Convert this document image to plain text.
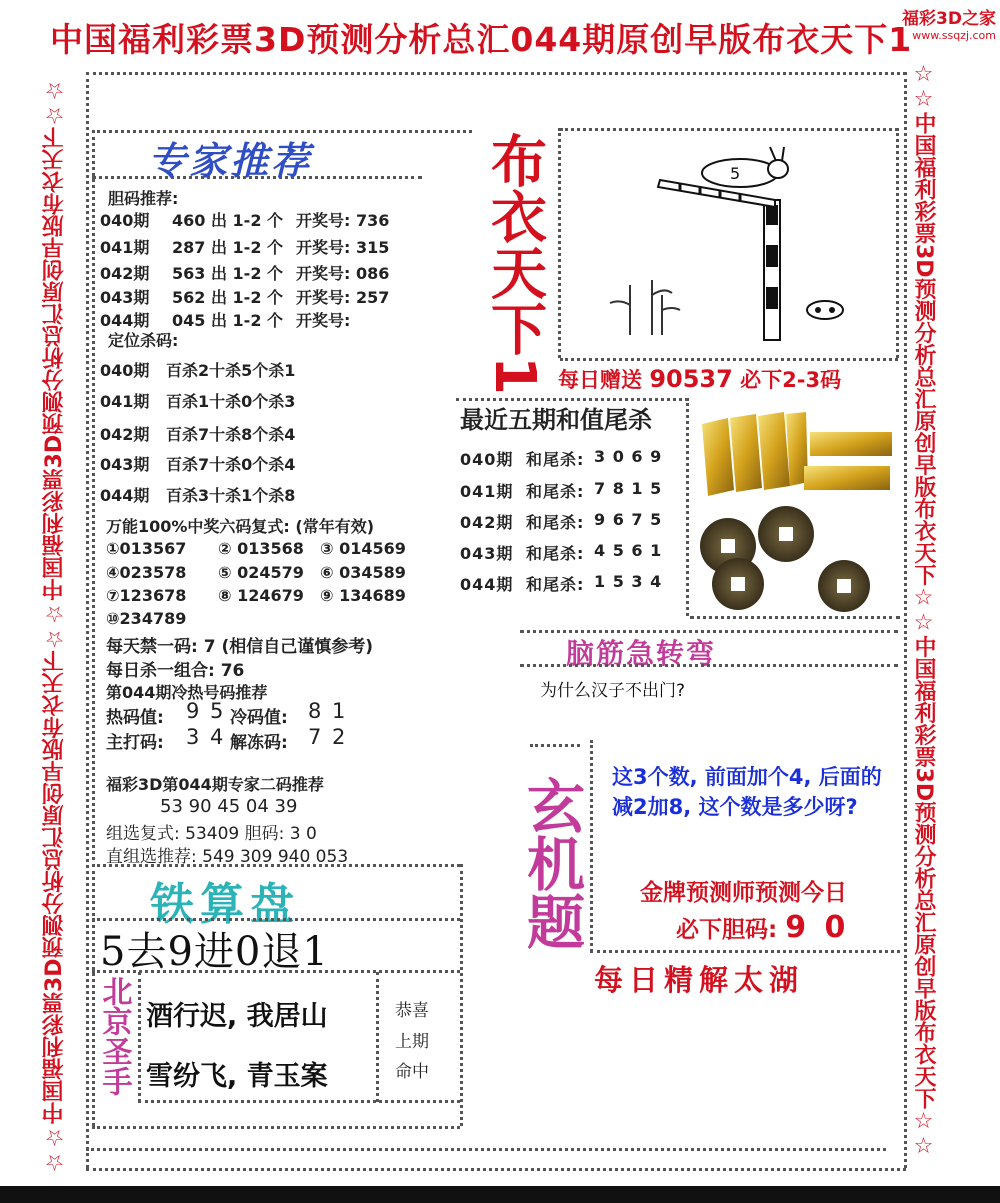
中国福利彩票3D预测分析总汇044期原创早版布衣天下1
福彩3D之家
www.ssqzj.com
☆☆中国福利彩票3D预测分析总汇原创早版布衣天下☆☆中国福利彩票3D预测分析总汇原创早版布衣天下☆☆	☆☆中国福利彩票3D预测分析总汇原创早版布衣天下☆☆中国福利彩票3D预测分析总汇原创早版布衣天下☆☆
专家推荐
胆码推荐:
040期 460 出 1-2 个 开奖号: 736
041期 287 出 1-2 个 开奖号: 315
042期 563 出 1-2 个 开奖号: 086
043期 562 出 1-2 个 开奖号: 257
044期 045 出 1-2 个 开奖号:
定位杀码:
040期 百杀2十杀5个杀1
041期 百杀1十杀0个杀3
042期 百杀7十杀8个杀4
043期 百杀7十杀0个杀4
044期 百杀3十杀1个杀8
万能100%中奖六码复式: (常年有效)
①013567 ② 013568 ③ 014569
④023578 ⑤ 024579 ⑥ 034589
⑦123678 ⑧ 124679 ⑨ 134689
⑩234789
每天禁一码: 7 (相信自己谨慎参考)
每日杀一组合: 76
第044期冷热号码推荐
热码值: 9 5 冷码值: 8 1
主打码: 3 4 解冻码: 7 2
福彩3D第044期专家二码推荐
53 90 45 04 39
组选复式: 53409 胆码: 3 0
直组选推荐: 549 309 940 053
布衣天下1	5
每日赠送 90537 必下2-3码
最近五期和值尾杀
040期 和尾杀: 3 0 6 9
041期 和尾杀: 7 8 1 5
042期 和尾杀: 9 6 7 5
043期 和尾杀: 4 5 6 1
044期 和尾杀: 1 5 3 4
脑筋急转弯
为什么汉子不出门?
玄机题 这3个数, 前面加个4, 后面的减2加8, 这个数是多少呀?
金牌预测师预测今日
必下胆码: 9 0
每日精解太湖
铁算盘
5去9进0退1
北京圣手 酒行迟, 我居山
雪纷飞, 青玉案
恭喜上期命中
